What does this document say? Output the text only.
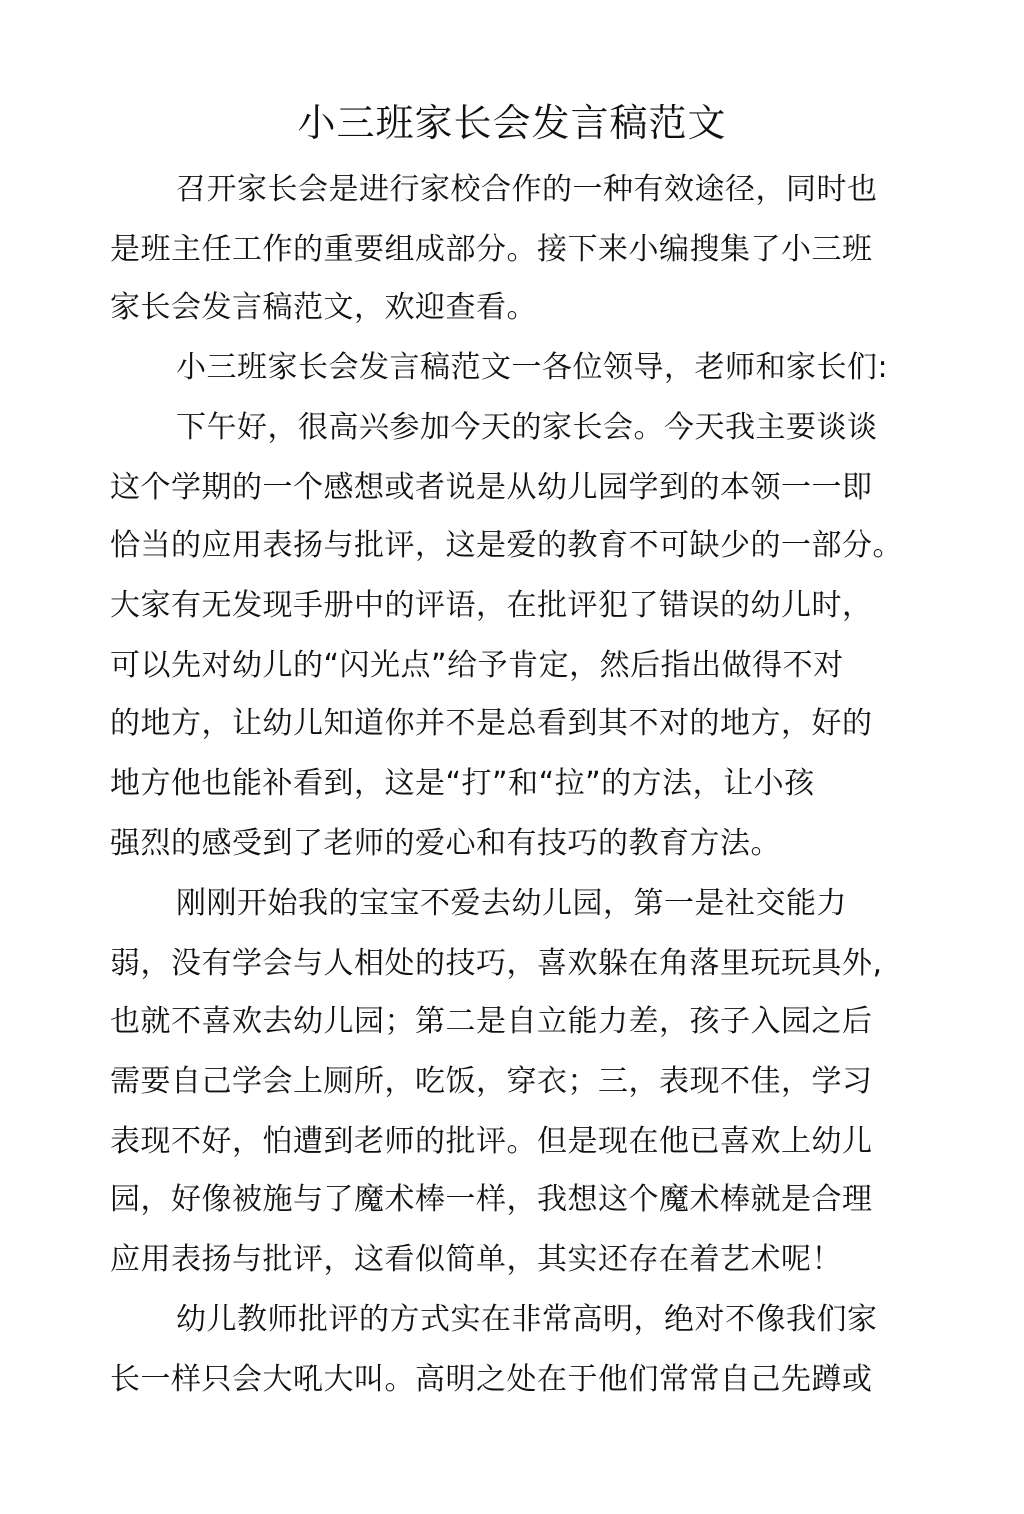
小三班家长会发言稿范文
召开家长会是进行家校合作的一种有效途径，同时也
是班主任工作的重要组成部分。接下来小编搜集了小三班
家长会发言稿范文，欢迎查看。
小三班家长会发言稿范文一各位领导，老师和家长们:
下午好，很高兴参加今天的家长会。今天我主要谈谈
这个学期的一个感想或者说是从幼儿园学到的本领一一即
恰当的应用表扬与批评，这是爱的教育不可缺少的一部分。
大家有无发现手册中的评语，在批评犯了错误的幼儿时，
可以先对幼儿的“闪光点”给予肯定，然后指出做得不对
的地方，让幼儿知道你并不是总看到其不对的地方，好的
地方他也能补看到，这是“打”和“拉”的方法，让小孩
强烈的感受到了老师的爱心和有技巧的教育方法。
刚刚开始我的宝宝不爱去幼儿园，第一是社交能力
弱，没有学会与人相处的技巧，喜欢躲在角落里玩玩具外,
也就不喜欢去幼儿园；第二是自立能力差，孩子入园之后
需要自己学会上厕所，吃饭，穿衣；三，表现不佳，学习
表现不好，怕遭到老师的批评。但是现在他已喜欢上幼儿
园，好像被施与了魔术棒一样，我想这个魔术棒就是合理
应用表扬与批评，这看似简单，其实还存在着艺术呢！
幼儿教师批评的方式实在非常高明，绝对不像我们家
长一样只会大吼大叫。高明之处在于他们常常自己先蹲或
